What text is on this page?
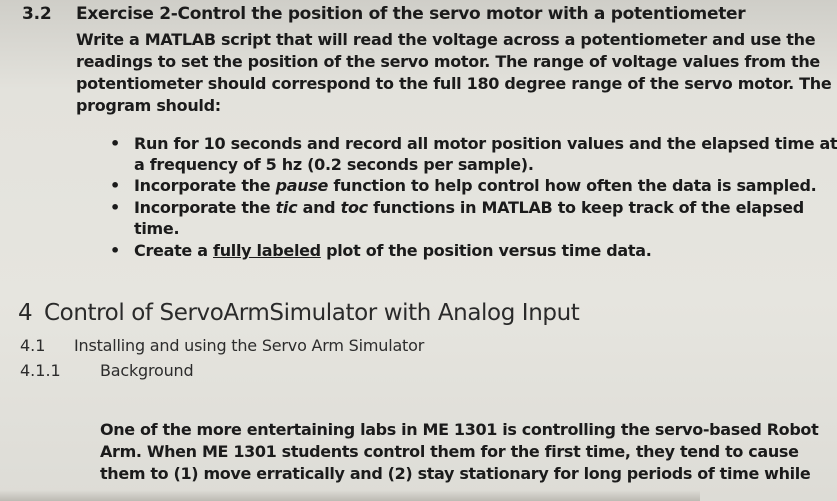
3.2 Exercise 2-Control the position of the servo motor with a potentiometer
Write a MATLAB script that will read the voltage across a potentiometer and use the
readings to set the position of the servo motor. The range of voltage values from the
potentiometer should correspond to the full 180 degree range of the servo motor. The
program should:
• Run for 10 seconds and record all motor position values and the elapsed time at
a frequency of 5 hz (0.2 seconds per sample).
• Incorporate the pause function to help control how often the data is sampled.
• Incorporate the tic and toc functions in MATLAB to keep track of the elapsed
time.
• Create a fully labeled plot of the position versus time data.
4 Control of ServoArmSimulator with Analog Input
4.1 Installing and using the Servo Arm Simulator
4.1.1 Background
One of the more entertaining labs in ME 1301 is controlling the servo-based Robot
Arm. When ME 1301 students control them for the first time, they tend to cause
them to (1) move erratically and (2) stay stationary for long periods of time while
